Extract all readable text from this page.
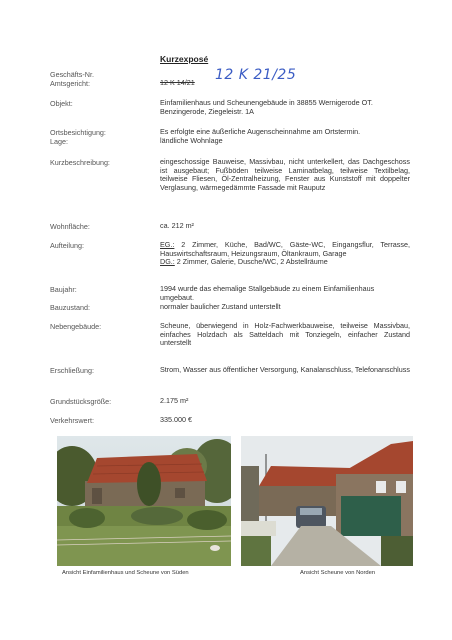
Kurzexposé
Geschäfts-Nr.
Amtsgericht:	12 K 14/21	12 K 21/25
Objekt:	Einfamilienhaus und Scheunengebäude in 38855 Wernigerode OT. Benzingerode, Ziegeleistr. 1A
Ortsbesichtigung:	Es erfolgte eine äußerliche Augenscheinnahme am Ortstermin.
Lage:	ländliche Wohnlage
Kurzbeschreibung:	eingeschossige Bauweise, Massivbau, nicht unterkellert, das Dachgeschoss ist ausgebaut; Fußböden teilweise Laminatbelag, teilweise Textilbelag, teilweise Fliesen, Öl-Zentralheizung, Fenster aus Kunststoff mit doppelter Verglasung, wärmegedämmte Fassade mit Rauputz
Wohnfläche:	ca. 212 m²
Aufteilung:	EG.: 2 Zimmer, Küche, Bad/WC, Gäste-WC, Eingangsflur, Terrasse, Hauswirtschaftsraum, Heizungsraum, Öltankraum, Garage
DG.: 2 Zimmer, Galerie, Dusche/WC, 2 Abstellräume
Baujahr:	1994 wurde das ehemalige Stallgebäude zu einem Einfamilienhaus umgebaut.
Bauzustand:	normaler baulicher Zustand unterstellt
Nebengebäude:	Scheune, überwiegend in Holz-Fachwerkbauweise, teilweise Massivbau, einfaches Holzdach als Satteldach mit Tonziegeln, einfacher Zustand unterstellt
Erschließung:	Strom, Wasser aus öffentlicher Versorgung, Kanalanschluss, Telefonanschluss
Grundstücksgröße:	2.175 m²
Verkehrswert:	335.000 €
Ansicht Einfamilienhaus und Scheune von Süden	Ansicht Scheune von Norden
